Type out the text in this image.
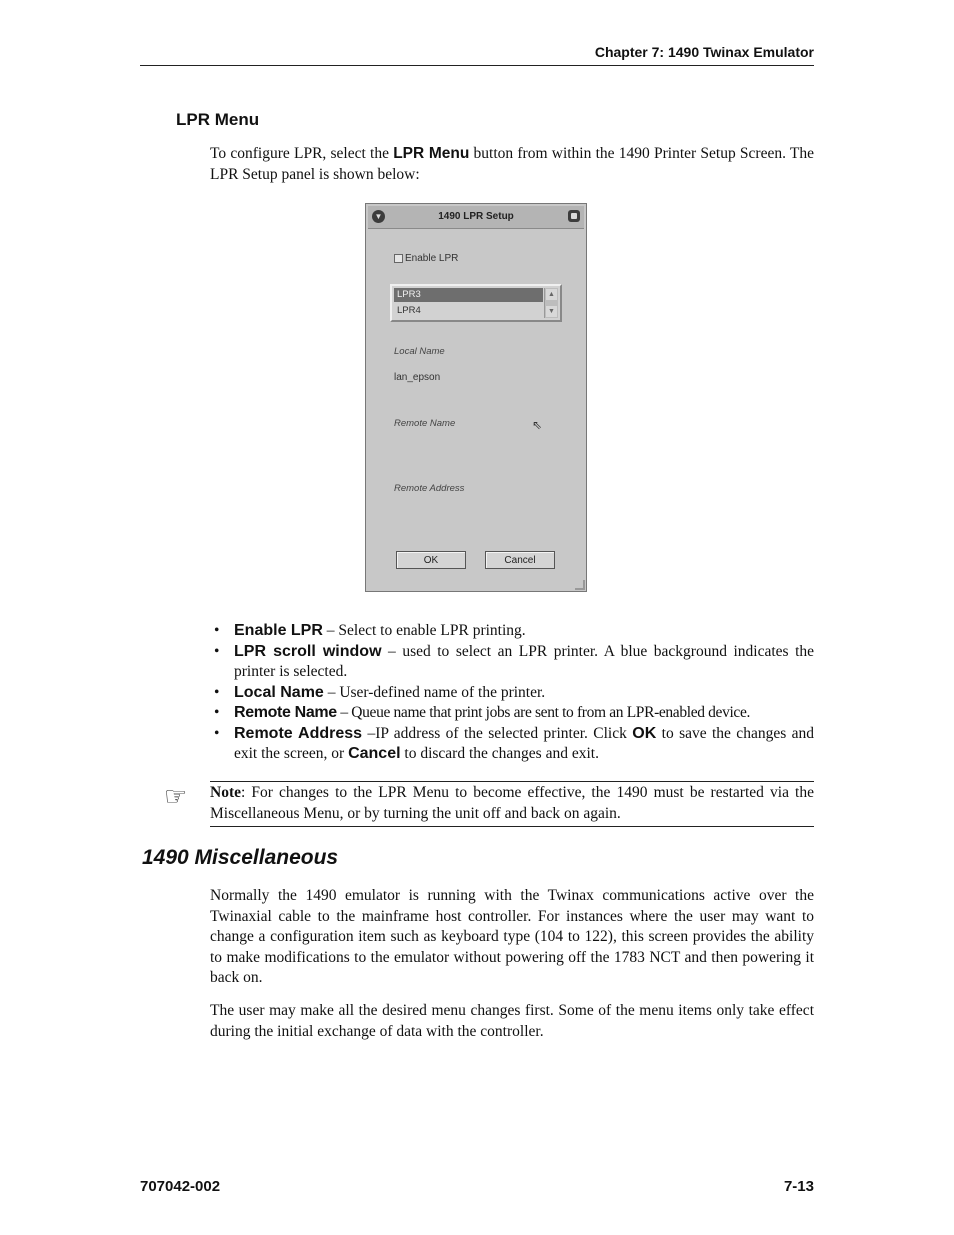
Chapter 7: 1490 Twinax Emulator
LPR Menu

To configure LPR, select the LPR Menu button from within the 1490 Printer Setup Screen. The LPR Setup panel is shown below:

▼	1490 LPR Setup
Enable LPR
LPR3
LPR4
▲
▼
Local Name
lan_epson
Remote Name	⇖
Remote Address
OK	Cancel
• Enable LPR – Select to enable LPR printing.
• LPR scroll window – used to select an LPR printer. A blue background indicates the printer is selected.
• Local Name – User-defined name of the printer.
• Remote Name – Queue name that print jobs are sent to from an LPR-enabled device.
• Remote Address –IP address of the selected printer. Click OK to save the changes and exit the screen, or Cancel to discard the changes and exit.
☞ Note: For changes to the LPR Menu to become effective, the 1490 must be restarted via the Miscellaneous Menu, or by turning the unit off and back on again.
1490 Miscellaneous

Normally the 1490 emulator is running with the Twinax communications active over the Twinaxial cable to the mainframe host controller. For instances where the user may want to change a configuration item such as keyboard type (104 to 122), this screen provides the ability to make modifications to the emulator without powering off the 1783 NCT and then powering it back on.

The user may make all the desired menu changes first. Some of the menu items only take effect during the initial exchange of data with the controller.

707042-002	7-13
